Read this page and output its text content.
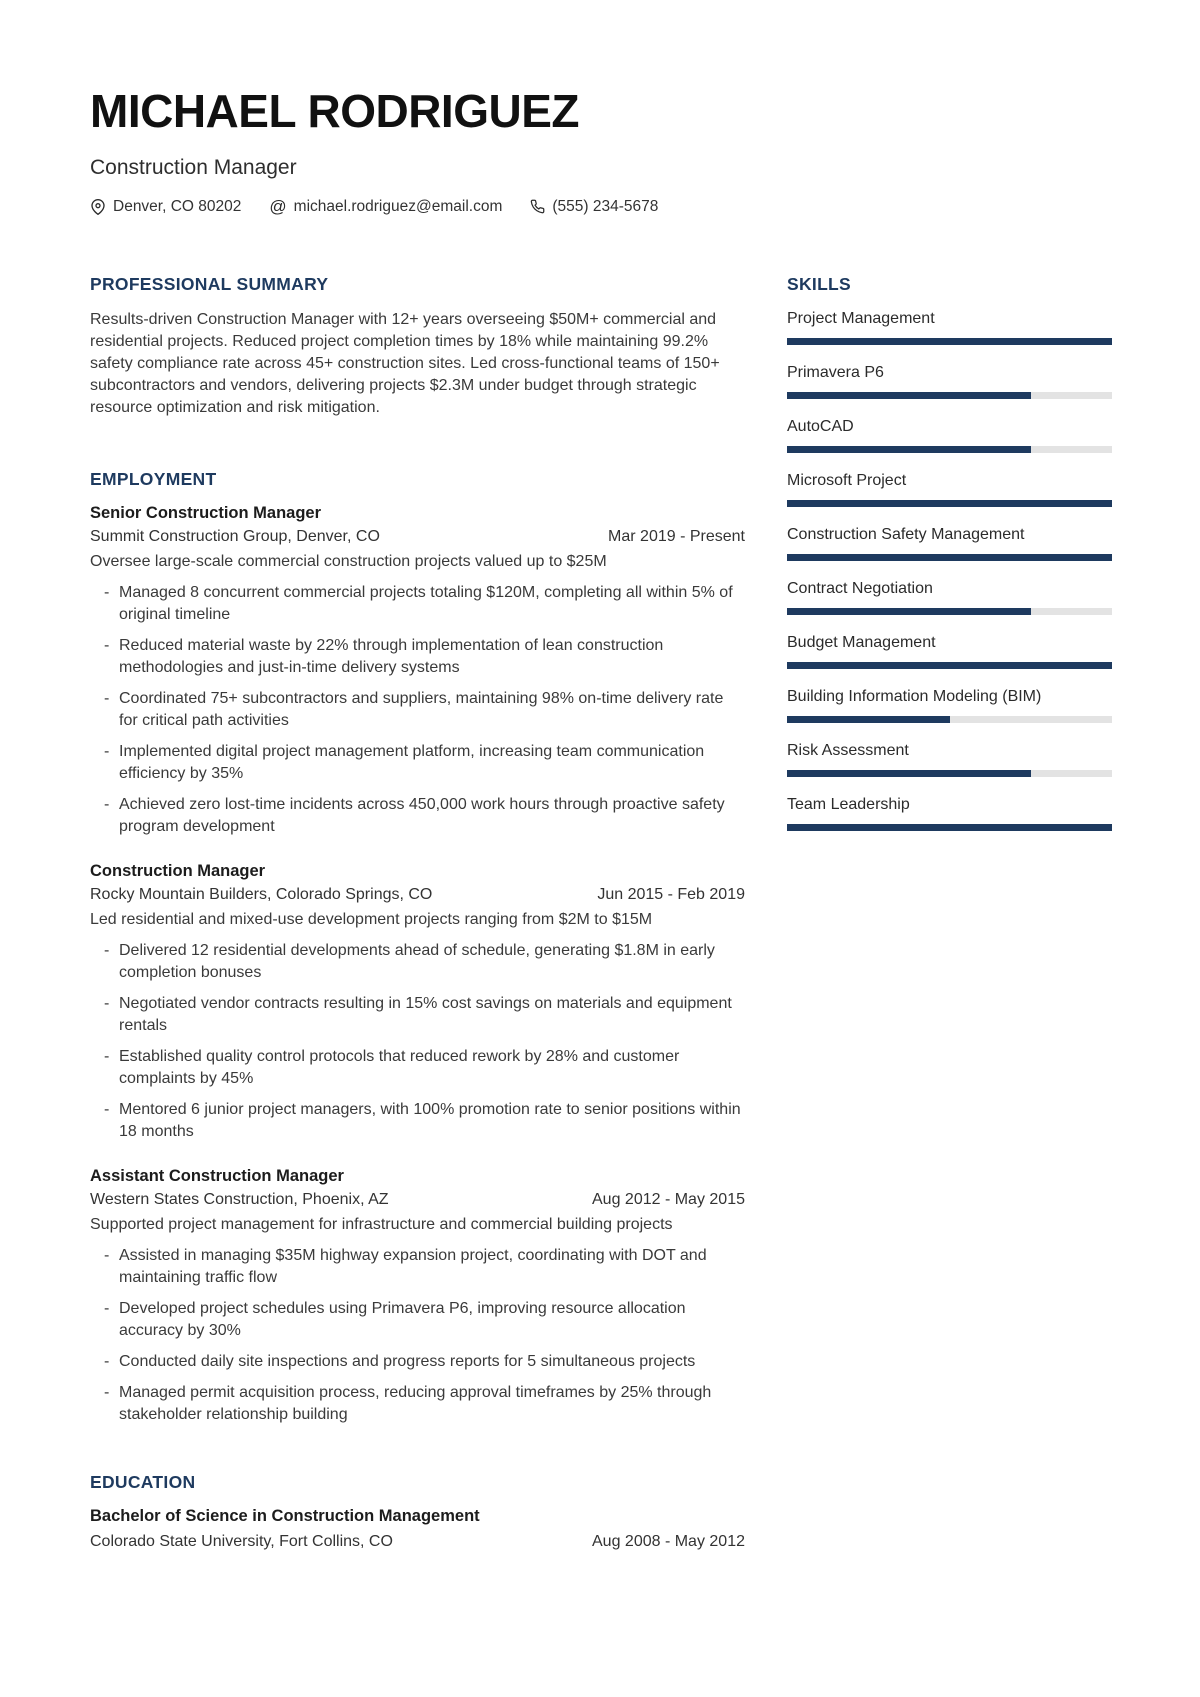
MICHAEL RODRIGUEZ
Construction Manager
Denver, CO 80202 @ michael.rodriguez@email.com	(555) 234-5678
PROFESSIONAL SUMMARY

Results-driven Construction Manager with 12+ years overseeing $50M+ commercial and residential projects. Reduced project completion times by 18% while maintaining 99.2% safety compliance rate across 45+ construction sites. Led cross-functional teams of 150+ subcontractors and vendors, delivering projects $2.3M under budget through strategic resource optimization and risk mitigation.

EMPLOYMENT
Senior Construction Manager
Summit Construction Group, Denver, CO	Mar 2019 - Present

Oversee large-scale commercial construction projects valued up to $25M

- Managed 8 concurrent commercial projects totaling $120M, completing all within 5% of original timeline
- Reduced material waste by 22% through implementation of lean construction methodologies and just-in-time delivery systems
- Coordinated 75+ subcontractors and suppliers, maintaining 98% on-time delivery rate for critical path activities
- Implemented digital project management platform, increasing team communication efficiency by 35%
- Achieved zero lost-time incidents across 450,000 work hours through proactive safety program development
Construction Manager
Rocky Mountain Builders, Colorado Springs, CO	Jun 2015 - Feb 2019

Led residential and mixed-use development projects ranging from $2M to $15M

- Delivered 12 residential developments ahead of schedule, generating $1.8M in early completion bonuses
- Negotiated vendor contracts resulting in 15% cost savings on materials and equipment rentals
- Established quality control protocols that reduced rework by 28% and customer complaints by 45%
- Mentored 6 junior project managers, with 100% promotion rate to senior positions within 18 months
Assistant Construction Manager
Western States Construction, Phoenix, AZ	Aug 2012 - May 2015

Supported project management for infrastructure and commercial building projects

- Assisted in managing $35M highway expansion project, coordinating with DOT and maintaining traffic flow
- Developed project schedules using Primavera P6, improving resource allocation accuracy by 30%
- Conducted daily site inspections and progress reports for 5 simultaneous projects
- Managed permit acquisition process, reducing approval timeframes by 25% through stakeholder relationship building
EDUCATION
Bachelor of Science in Construction Management
Colorado State University, Fort Collins, CO	Aug 2008 - May 2012
SKILLS
Project Management
Primavera P6
AutoCAD
Microsoft Project
Construction Safety Management
Contract Negotiation
Budget Management
Building Information Modeling (BIM)
Risk Assessment
Team Leadership
